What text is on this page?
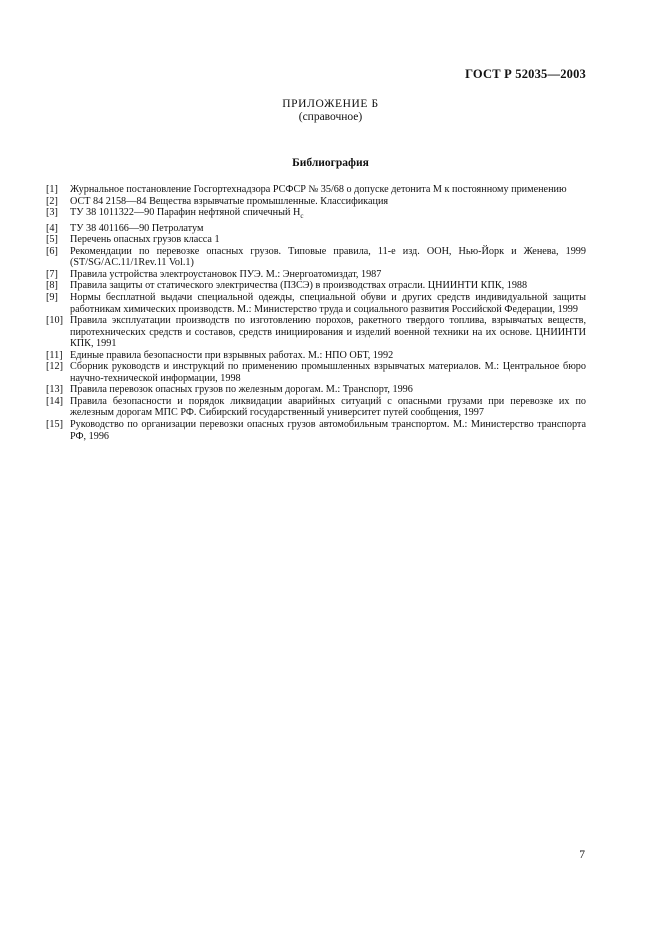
ГОСТ Р 52035—2003
ПРИЛОЖЕНИЕ Б
(справочное)
Библиография
[1]	Журнальное постановление Госгортехнадзора РСФСР № 35/68 о допуске детонита М к постоянному применению
[2]	ОСТ 84 2158—84 Вещества взрывчатые промышленные. Классификация
[3]	ТУ 38 1011322—90 Парафин нефтяной спичечный $Н_с$
[4]	ТУ 38 401166—90 Петролатум
[5]	Перечень опасных грузов класса 1
[6]	Рекомендации по перевозке опасных грузов. Типовые правила, 11-е изд. ООН, Нью-Йорк и Женева, 1999 (ST/SG/AC.11/1Rev.11 Vol.1)
[7]	Правила устройства электроустановок ПУЭ. М.: Энергоатомиздат, 1987
[8]	Правила защиты от статического электричества (ПЗСЭ) в производствах отрасли. ЦНИИНТИ КПК, 1988
[9]	Нормы бесплатной выдачи специальной одежды, специальной обуви и других средств индивидуальной защиты работникам химических производств. М.: Министерство труда и социального развития Российской Федерации, 1999
[10] Правила эксплуатации производств по изготовлению порохов, ракетного твердого топлива, взрывчатых веществ, пиротехнических средств и составов, средств инициирования и изделий военной техники на их основе. ЦНИИНТИ КПК, 1991
[11] Единые правила безопасности при взрывных работах. М.: НПО ОБТ, 1992
[12] Сборник руководств и инструкций по применению промышленных взрывчатых материалов. М.: Центральное бюро научно-технической информации, 1998
[13] Правила перевозок опасных грузов по железным дорогам. М.: Транспорт, 1996
[14] Правила безопасности и порядок ликвидации аварийных ситуаций с опасными грузами при перевозке их по железным дорогам МПС РФ. Сибирский государственный университет путей сообщения, 1997
[15] Руководство по организации перевозки опасных грузов автомобильным транспортом. М.: Министерство транспорта РФ, 1996
7
